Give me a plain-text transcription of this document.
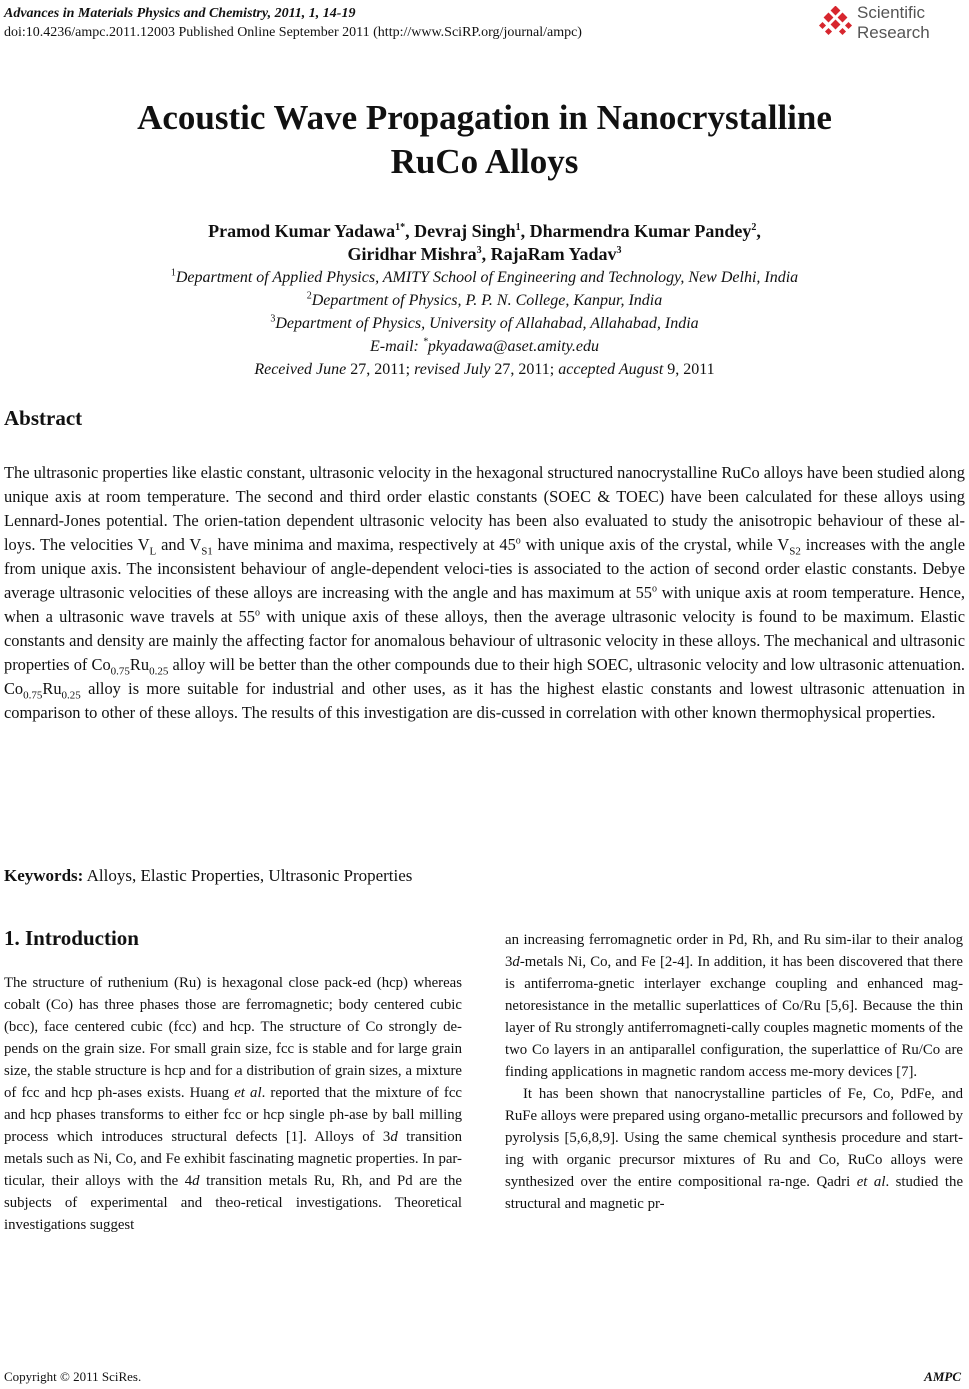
Advances in Materials Physics and Chemistry, 2011, 1, 14-19
doi:10.4236/ampc.2011.12003 Published Online September 2011 (http://www.SciRP.org/journal/ampc)
Scientific
Research
Acoustic Wave Propagation in Nanocrystalline
RuCo Alloys
Pramod Kumar Yadawa$^{1*}$, Devraj Singh$^1$, Dharmendra Kumar Pandey$^2$,
Giridhar Mishra$^3$, RajaRam Yadav$^3$
$^1$Department of Applied Physics, AMITY School of Engineering and Technology, New Delhi, India
$^2$Department of Physics, P. P. N. College, Kanpur, India
$^3$Department of Physics, University of Allahabad, Allahabad, India
E-mail: *pkyadawa@aset.amity.edu
Received June 27, 2011; revised July 27, 2011; accepted August 9, 2011
Abstract
The ultrasonic properties like elastic constant, ultrasonic velocity in the hexagonal structured nanocrystalline RuCo alloys have been studied along unique axis at room temperature. The second and third order elastic constants (SOEC & TOEC) have been calculated for these alloys using Lennard-Jones potential. The orien-tation dependent ultrasonic velocity has been also evaluated to study the anisotropic behaviour of these al-loys. The velocities $V_L$ and $V_{S1}$ have minima and maxima, respectively at 45$^o$ with unique axis of the crystal, while $V_{S2}$ increases with the angle from unique axis. The inconsistent behaviour of angle-dependent veloci-ties is associated to the action of second order elastic constants. Debye average ultrasonic velocities of these alloys are increasing with the angle and has maximum at 55$^o$ with unique axis at room temperature. Hence, when a ultrasonic wave travels at 55$^o$ with unique axis of these alloys, then the average ultrasonic velocity is found to be maximum. Elastic constants and density are mainly the affecting factor for anomalous behaviour of ultrasonic velocity in these alloys. The mechanical and ultrasonic properties of $Co_{0.75}Ru_{0.25}$ alloy will be better than the other compounds due to their high SOEC, ultrasonic velocity and low ultrasonic attenuation. $Co_{0.75}Ru_{0.25}$ alloy is more suitable for industrial and other uses, as it has the highest elastic constants and lowest ultrasonic attenuation in comparison to other of these alloys. The results of this investigation are dis-cussed in correlation with other known thermophysical properties.
Keywords: Alloys, Elastic Properties, Ultrasonic Properties
1. Introduction

The structure of ruthenium (Ru) is hexagonal close pack-ed (hcp) whereas cobalt (Co) has three phases those are ferromagnetic; body centered cubic (bcc), face centered cubic (fcc) and hcp. The structure of Co strongly de-pends on the grain size. For small grain size, fcc is stable and for large grain size, the stable structure is hcp and for a distribution of grain sizes, a mixture of fcc and hcp ph-ases exists. Huang et al. reported that the mixture of fcc and hcp phases transforms to either fcc or hcp single ph-ase by ball milling process which introduces structural defects [1]. Alloys of 3d transition metals such as Ni, Co, and Fe exhibit fascinating magnetic properties. In par-ticular, their alloys with the 4d transition metals Ru, Rh, and Pd are the subjects of experimental and theo-retical investigations. Theoretical investigations suggest

an increasing ferromagnetic order in Pd, Rh, and Ru sim-ilar to their analog 3d-metals Ni, Co, and Fe [2-4]. In addition, it has been discovered that there is antiferroma-gnetic interlayer exchange coupling and enhanced mag-netoresistance in the metallic superlattices of Co/Ru [5,6]. Because the thin layer of Ru strongly antiferromagneti-cally couples magnetic moments of the two Co layers in an antiparallel configuration, the superlattice of Ru/Co are finding applications in magnetic random access me-mory devices [7].

It has been shown that nanocrystalline particles of Fe, Co, PdFe, and RuFe alloys were prepared using organo-metallic precursors and followed by pyrolysis [5,6,8,9]. Using the same chemical synthesis procedure and start-ing with organic precursor mixtures of Ru and Co, RuCo alloys were synthesized over the entire compositional ra-nge. Qadri et al. studied the structural and magnetic pr-

Copyright © 2011 SciRes.	AMPC
